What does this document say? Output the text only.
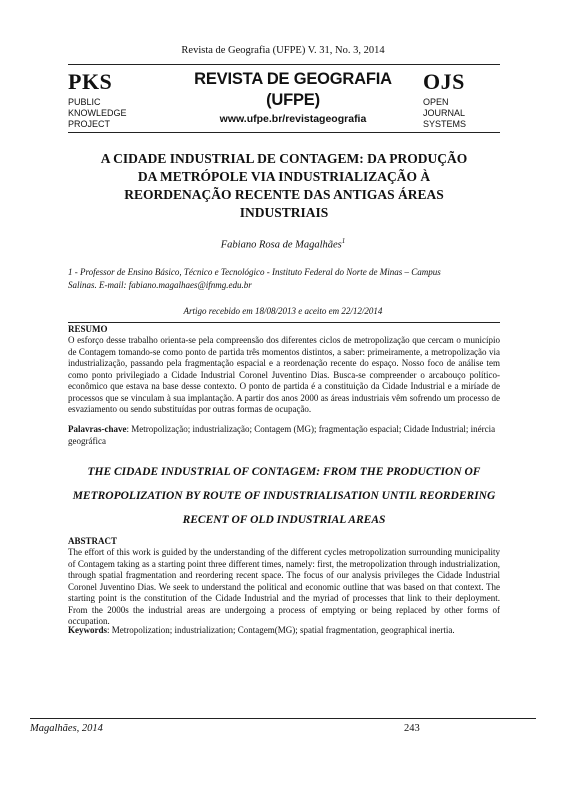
Revista de Geografia (UFPE) V. 31, No. 3, 2014
PKS
PUBLIC
KNOWLEDGE
PROJECT
REVISTA DE GEOGRAFIA
(UFPE)
www.ufpe.br/revistageografia
OJS
OPEN
JOURNAL
SYSTEMS
A CIDADE INDUSTRIAL DE CONTAGEM: DA PRODUÇÃO
DA METRÓPOLE VIA INDUSTRIALIZAÇÃO À
REORDENAÇÃO RECENTE DAS ANTIGAS ÁREAS
INDUSTRIAIS
Fabiano Rosa de Magalhães$^1$
1 - Professor de Ensino Básico, Técnico e Tecnológico - Instituto Federal do Norte de Minas – Campus
Salinas. E-mail: fabiano.magalhaes@ifnmg.edu.br
Artigo recebido em 18/08/2013 e aceito em 22/12/2014
RESUMO
O esforço desse trabalho orienta-se pela compreensão dos diferentes ciclos de metropolização que cercam o município de Contagem tomando-se como ponto de partida três momentos distintos, a saber: primeiramente, a metropolização via industrialização, passando pela fragmentação espacial e a reordenação recente do espaço. Nosso foco de análise tem como ponto privilegiado a Cidade Industrial Coronel Juventino Dias. Busca-se compreender o arcabouço político-econômico que estava na base desse contexto. O ponto de partida é a constituição da Cidade Industrial e a miríade de processos que se vinculam à sua implantação. A partir dos anos 2000 as áreas industriais vêm sofrendo um processo de esvaziamento ou sendo substituídas por outras formas de ocupação.
Palavras-chave: Metropolização; industrialização; Contagem (MG); fragmentação espacial; Cidade Industrial; inércia geográfica
THE CIDADE INDUSTRIAL OF CONTAGEM: FROM THE PRODUCTION OF
METROPOLIZATION BY ROUTE OF INDUSTRIALISATION UNTIL REORDERING
RECENT OF OLD INDUSTRIAL AREAS
ABSTRACT
The effort of this work is guided by the understanding of the different cycles metropolization surrounding municipality of Contagem taking as a starting point three different times, namely: first, the metropolization through industrialization, through spatial fragmentation and reordering recent space. The focus of our analysis privileges the Cidade Industrial Coronel Juventino Dias. We seek to understand the political and economic outline that was based on that context. The starting point is the constitution of the Cidade Industrial and the myriad of processes that link to their deployment. From the 2000s the industrial areas are undergoing a process of emptying or being replaced by other forms of occupation.
Keywords: Metropolization; industrialization; Contagem(MG); spatial fragmentation, geographical inertia.
Magalhães, 2014	243
